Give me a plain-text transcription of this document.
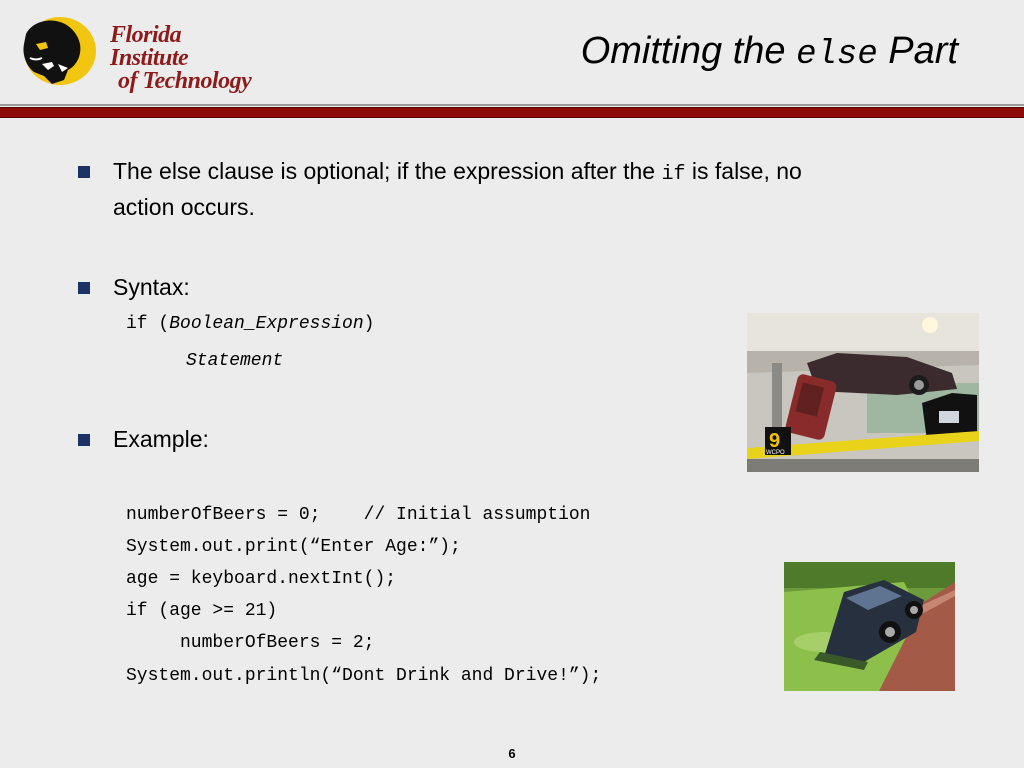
Florida Institute
of Technology
Omitting the else Part
The else clause is optional; if the expression after the if is false, no
action occurs.
Syntax:
if (Boolean_Expression)
Statement
Example:
numberOfBeers = 0;    // Initial assumption
System.out.print(“Enter Age:”);
age = keyboard.nextInt();
if (age >= 21)
numberOfBeers = 2;
System.out.println(“Dont Drink and Drive!”);
9
WCPO
6
